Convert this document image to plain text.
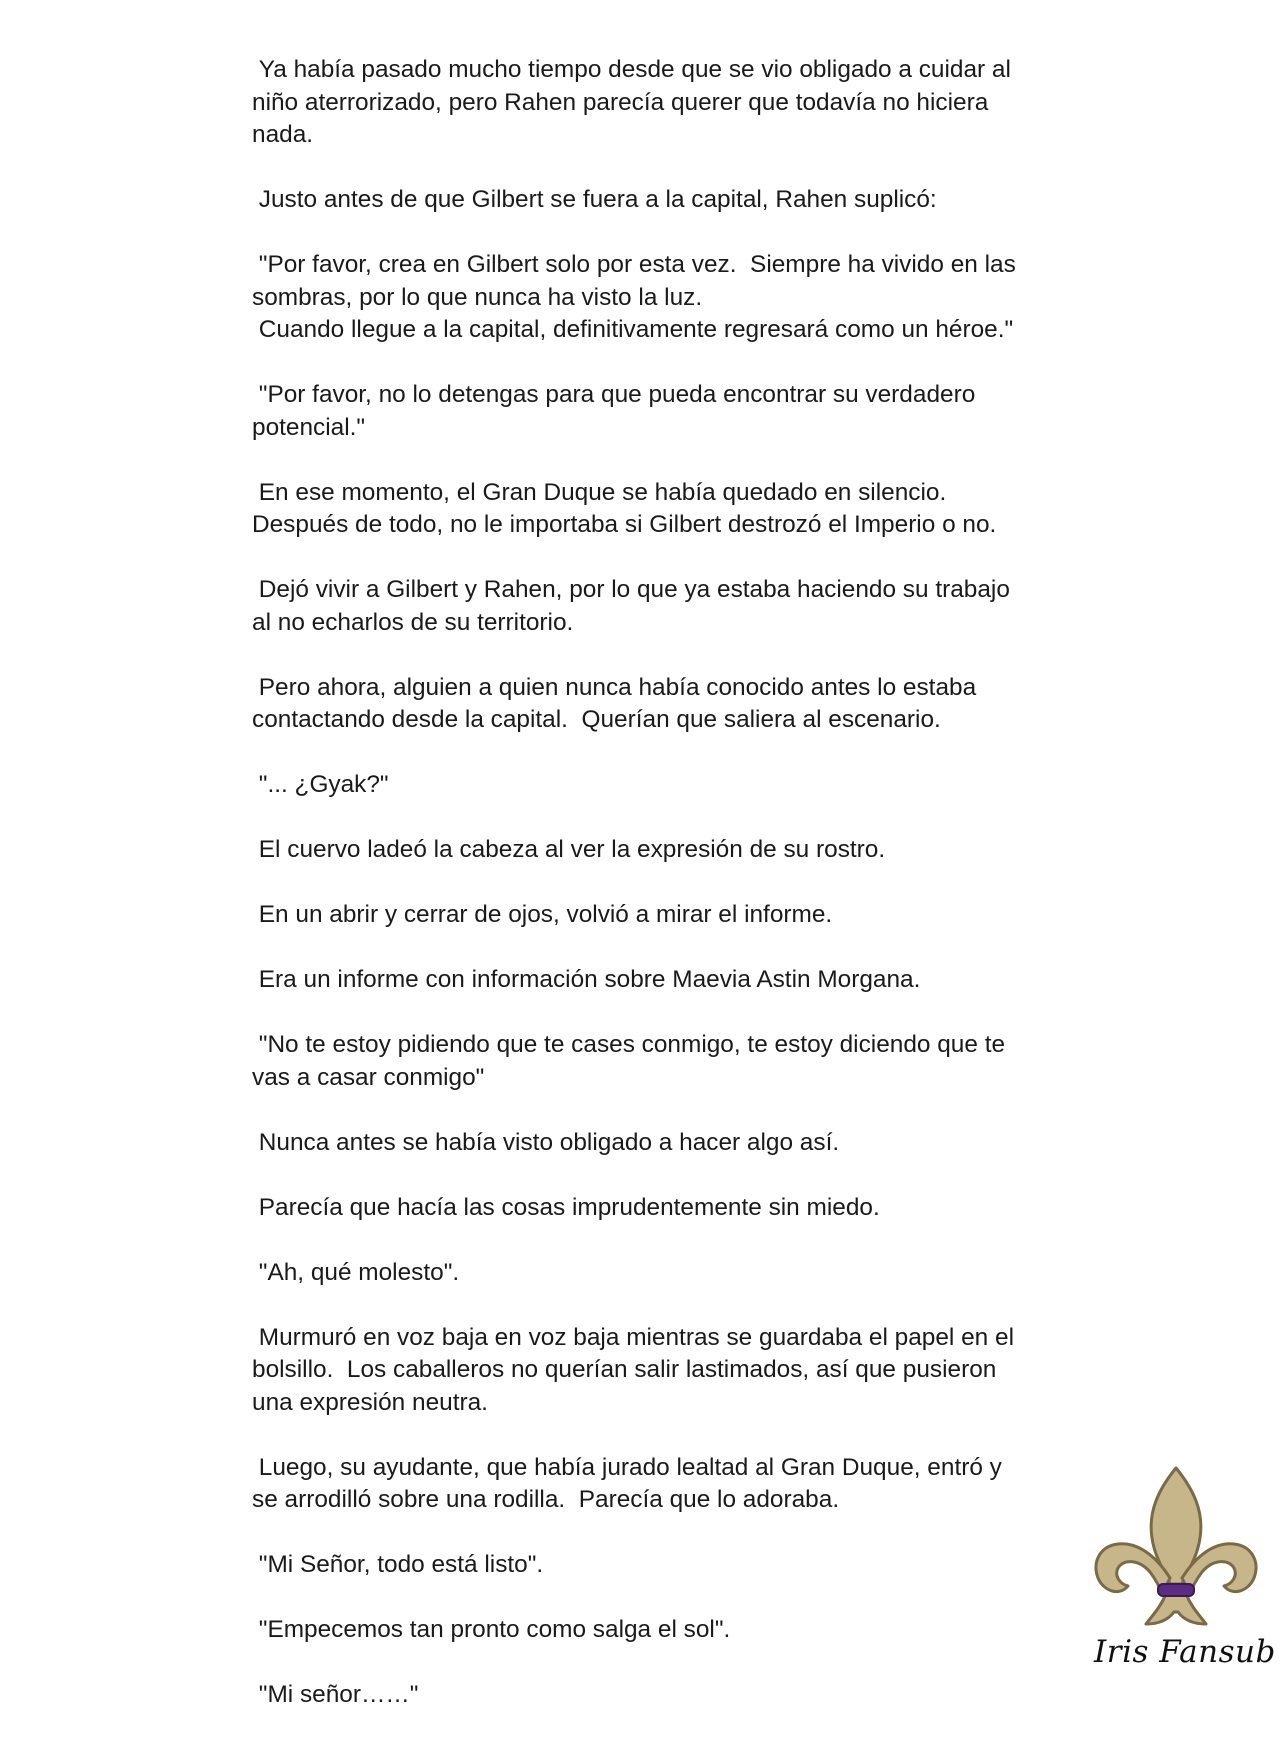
Ya había pasado mucho tiempo desde que se vio obligado a cuidar al
niño aterrorizado, pero Rahen parecía querer que todavía no hiciera
nada.

Justo antes de que Gilbert se fuera a la capital, Rahen suplicó:

"Por favor, crea en Gilbert solo por esta vez.  Siempre ha vivido en las
sombras, por lo que nunca ha visto la luz.
Cuando llegue a la capital, definitivamente regresará como un héroe."

"Por favor, no lo detengas para que pueda encontrar su verdadero
potencial."

En ese momento, el Gran Duque se había quedado en silencio.
Después de todo, no le importaba si Gilbert destrozó el Imperio o no.

Dejó vivir a Gilbert y Rahen, por lo que ya estaba haciendo su trabajo
al no echarlos de su territorio.

Pero ahora, alguien a quien nunca había conocido antes lo estaba
contactando desde la capital.  Querían que saliera al escenario.

"... ¿Gyak?"

El cuervo ladeó la cabeza al ver la expresión de su rostro.

En un abrir y cerrar de ojos, volvió a mirar el informe.

Era un informe con información sobre Maevia Astin Morgana.

"No te estoy pidiendo que te cases conmigo, te estoy diciendo que te
vas a casar conmigo"

Nunca antes se había visto obligado a hacer algo así.

Parecía que hacía las cosas imprudentemente sin miedo.

"Ah, qué molesto".

Murmuró en voz baja en voz baja mientras se guardaba el papel en el
bolsillo.  Los caballeros no querían salir lastimados, así que pusieron
una expresión neutra.

Luego, su ayudante, que había jurado lealtad al Gran Duque, entró y
se arrodilló sobre una rodilla.  Parecía que lo adoraba.

"Mi Señor, todo está listo".

"Empecemos tan pronto como salga el sol".

"Mi señor……"

Iris Fansub
